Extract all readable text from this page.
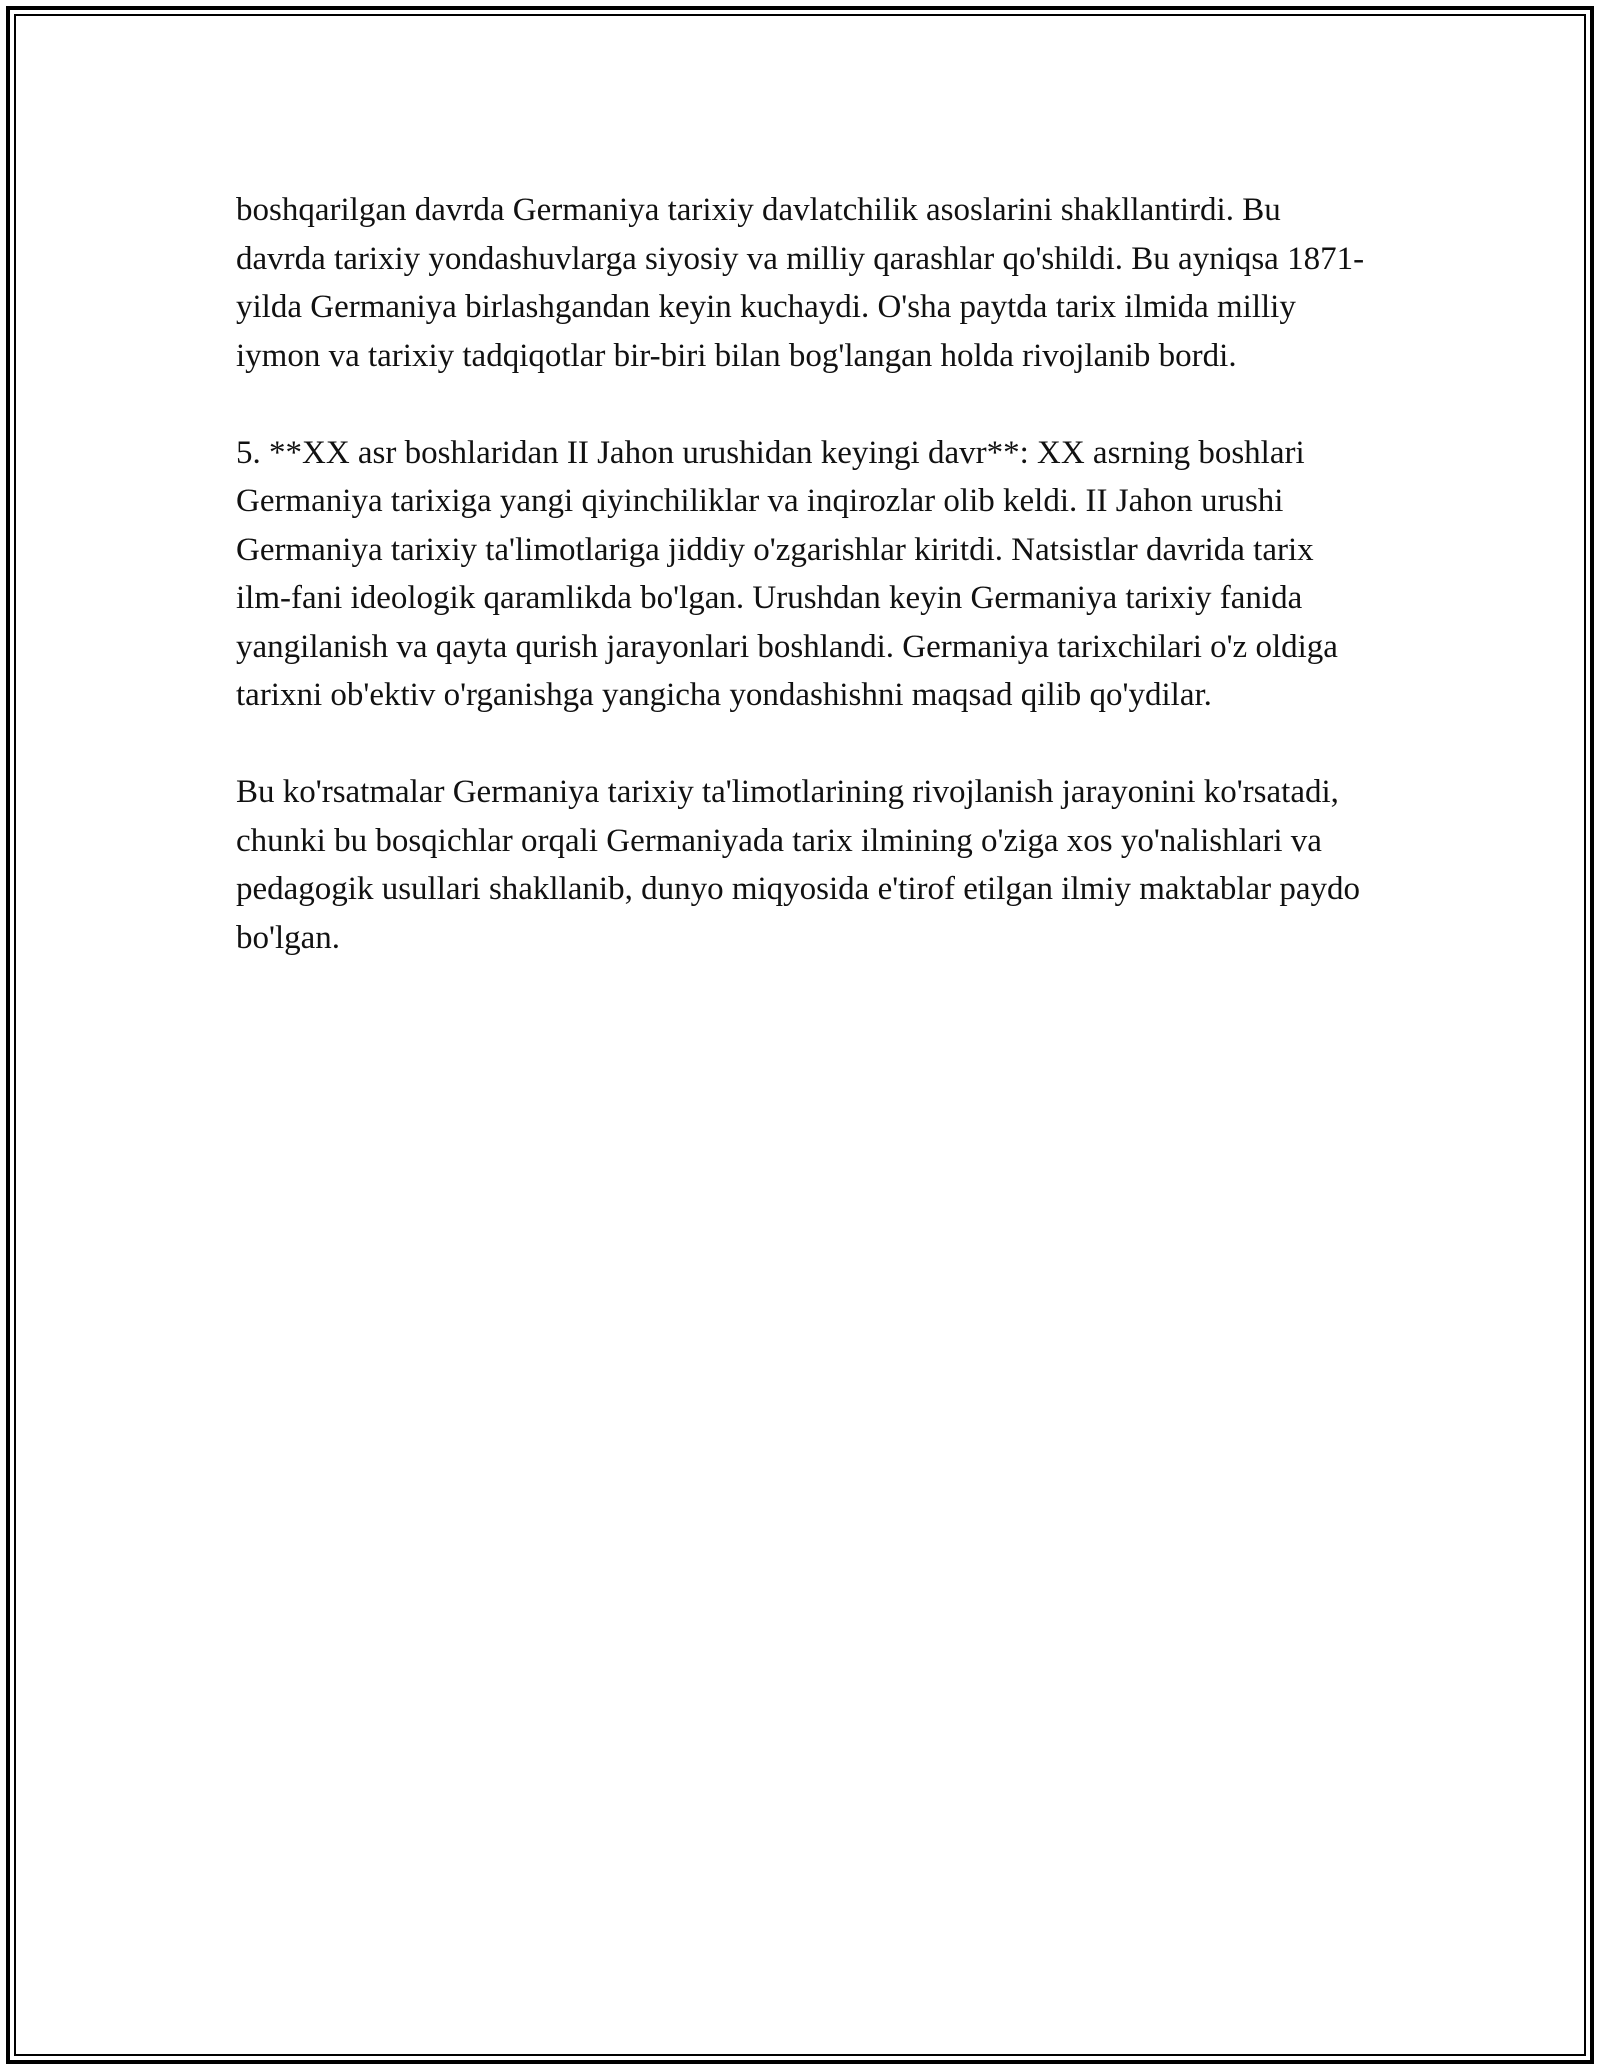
boshqarilgan davrda Germaniya tarixiy davlatchilik asoslarini shakllantirdi. Bu davrda tarixiy yondashuvlarga siyosiy va milliy qarashlar qo'shildi. Bu ayniqsa 1871-yilda Germaniya birlashgandan keyin kuchaydi. O'sha paytda tarix ilmida milliy iymon va tarixiy tadqiqotlar bir-biri bilan bog'langan holda rivojlanib bordi.

5. **XX asr boshlaridan II Jahon urushidan keyingi davr**: XX asrning boshlari Germaniya tarixiga yangi qiyinchiliklar va inqirozlar olib keldi. II Jahon urushi Germaniya tarixiy ta'limotlariga jiddiy o'zgarishlar kiritdi. Natsistlar davrida tarix ilm-fani ideologik qaramlikda bo'lgan. Urushdan keyin Germaniya tarixiy fanida yangilanish va qayta qurish jarayonlari boshlandi. Germaniya tarixchilari o'z oldiga tarixni ob'ektiv o'rganishga yangicha yondashishni maqsad qilib qo'ydilar.

Bu ko'rsatmalar Germaniya tarixiy ta'limotlarining rivojlanish jarayonini ko'rsatadi, chunki bu bosqichlar orqali Germaniyada tarix ilmining o'ziga xos yo'nalishlari va pedagogik usullari shakllanib, dunyo miqyosida e'tirof etilgan ilmiy maktablar paydo bo'lgan.
